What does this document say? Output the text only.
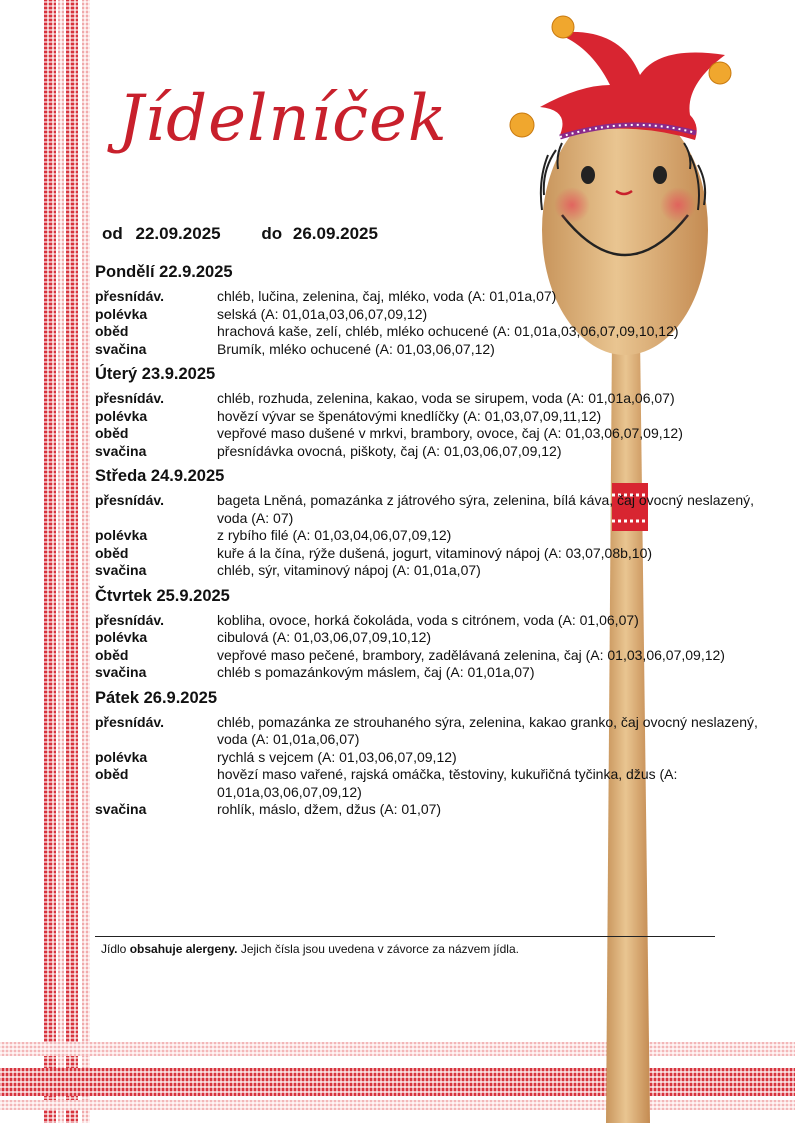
Jídelníček
od 22.09.2025 do 26.09.2025
Pondělí 22.9.2025
přesnídáv.	chléb, lučina, zelenina, čaj, mléko, voda (A: 01,01a,07)
polévka	selská (A: 01,01a,03,06,07,09,12)
oběd	hrachová kaše, zelí, chléb, mléko ochucené (A: 01,01a,03,06,07,09,10,12)
svačina	Brumík, mléko ochucené (A: 01,03,06,07,12)
Úterý 23.9.2025
přesnídáv.	chléb, rozhuda, zelenina, kakao, voda se sirupem, voda (A: 01,01a,06,07)
polévka	hovězí vývar se špenátovými knedlíčky (A: 01,03,07,09,11,12)
oběd	vepřové maso dušené v mrkvi, brambory, ovoce, čaj (A: 01,03,06,07,09,12)
svačina	přesnídávka ovocná, piškoty, čaj (A: 01,03,06,07,09,12)
Středa 24.9.2025
přesnídáv.	bageta Lněná, pomazánka z játrového sýra, zelenina, bílá káva, čaj ovocný neslazený, voda (A: 07)
polévka	z rybího filé (A: 01,03,04,06,07,09,12)
oběd	kuře á la čína, rýže dušená, jogurt, vitaminový nápoj (A: 03,07,08b,10)
svačina	chléb, sýr, vitaminový nápoj (A: 01,01a,07)
Čtvrtek 25.9.2025
přesnídáv.	kobliha, ovoce, horká čokoláda, voda s citrónem, voda (A: 01,06,07)
polévka	cibulová (A: 01,03,06,07,09,10,12)
oběd	vepřové maso pečené, brambory, zadělávaná zelenina, čaj (A: 01,03,06,07,09,12)
svačina	chléb s pomazánkovým máslem, čaj (A: 01,01a,07)
Pátek 26.9.2025
přesnídáv.	chléb, pomazánka ze strouhaného sýra, zelenina, kakao granko, čaj ovocný neslazený, voda (A: 01,01a,06,07)
polévka	rychlá s vejcem (A: 01,03,06,07,09,12)
oběd	hovězí maso vařené, rajská omáčka, těstoviny, kukuřičná tyčinka, džus (A: 01,01a,03,06,07,09,12)
svačina	rohlík, máslo, džem, džus (A: 01,07)
Jídlo obsahuje alergeny. Jejich čísla jsou uvedena v závorce za názvem jídla.
